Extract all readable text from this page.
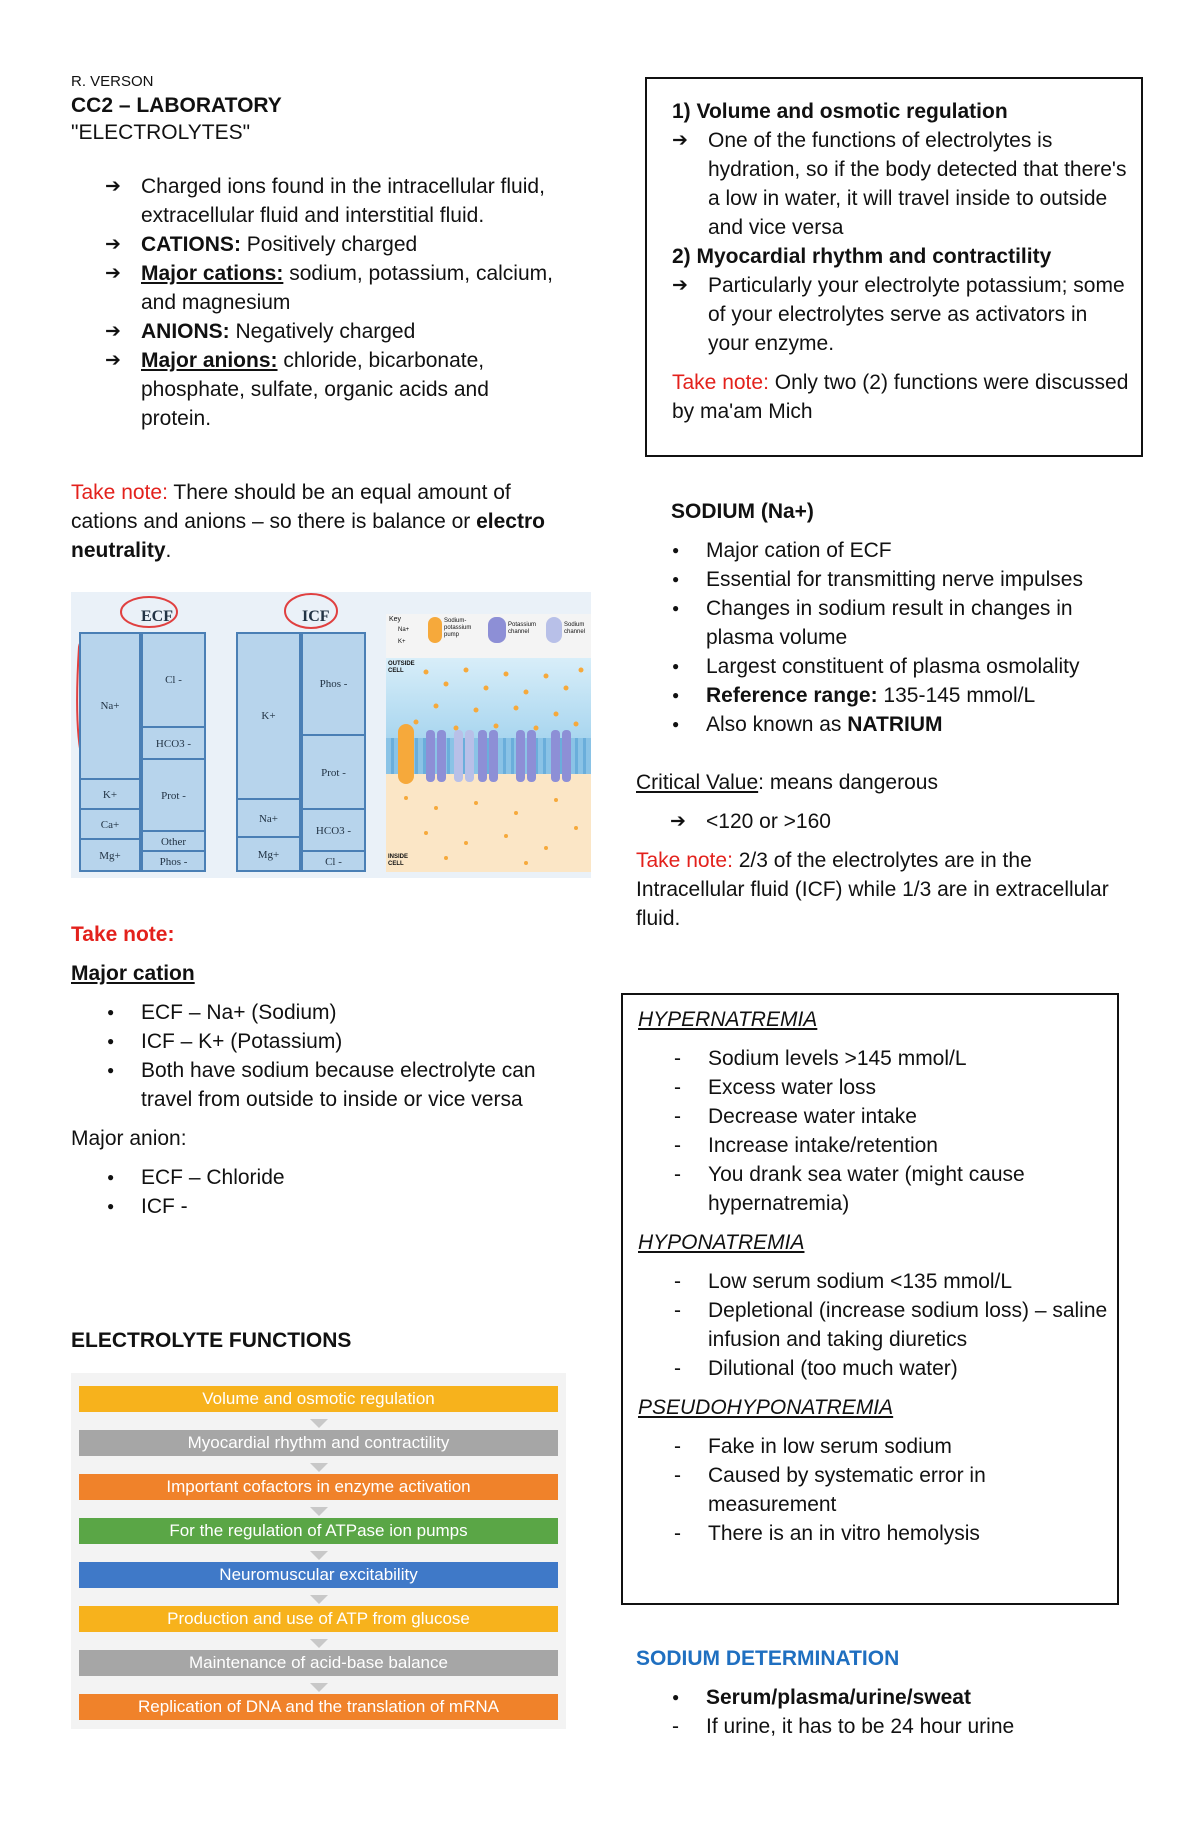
R. VERSON
CC2 – LABORATORY
"ELECTROLYTES"
➔ Charged ions found in the intracellular fluid, extracellular fluid and interstitial fluid.
➔ CATIONS: Positively charged
➔ Major cations: sodium, potassium, calcium, and magnesium
➔ ANIONS: Negatively charged
➔ Major anions: chloride, bicarbonate, phosphate, sulfate, organic acids and protein.
Take note: There should be an equal amount of cations and anions – so there is balance or electro neutrality.
ECF	ICF
Na+
K+
Ca+
Mg+
Cl -
HCO3 -
Prot -
Other
Phos -
K+
Na+
Mg+
Phos -
Prot -
HCO3 -
Cl -
Key
Na+
K+
Sodium-potassium pump
Potassium channel
Sodium channel
OUTSIDE CELL
INSIDE CELL
Take note:
Major cation
● ECF – Na+ (Sodium)
● ICF – K+ (Potassium)
● Both have sodium because electrolyte can travel from outside to inside or vice versa
Major anion:
● ECF – Chloride
● ICF -
ELECTROLYTE FUNCTIONS
Volume and osmotic regulation
Myocardial rhythm and contractility
Important cofactors in enzyme activation
For the regulation of ATPase ion pumps
Neuromuscular excitability
Production and use of ATP from glucose
Maintenance of acid-base balance
Replication of DNA and the translation of mRNA
1) Volume and osmotic regulation
➔ One of the functions of electrolytes is hydration, so if the body detected that there's a low in water, it will travel inside to outside and vice versa
2) Myocardial rhythm and contractility
➔ Particularly your electrolyte potassium; some of your electrolytes serve as activators in your enzyme.
Take note: Only two (2) functions were discussed by ma'am Mich
SODIUM (Na+)
● Major cation of ECF
● Essential for transmitting nerve impulses
● Changes in sodium result in changes in plasma volume
● Largest constituent of plasma osmolality
● Reference range: 135-145 mmol/L
● Also known as NATRIUM
Critical Value: means dangerous
➔ <120 or >160
Take note: 2/3 of the electrolytes are in the Intracellular fluid (ICF) while 1/3 are in extracellular fluid.
HYPERNATREMIA
- Sodium levels >145 mmol/L
- Excess water loss
- Decrease water intake
- Increase intake/retention
- You drank sea water (might cause hypernatremia)
HYPONATREMIA
- Low serum sodium <135 mmol/L
- Depletional (increase sodium loss) – saline infusion and taking diuretics
- Dilutional (too much water)
PSEUDOHYPONATREMIA
- Fake in low serum sodium
- Caused by systematic error in measurement
- There is an in vitro hemolysis
SODIUM DETERMINATION
● Serum/plasma/urine/sweat
- If urine, it has to be 24 hour urine
